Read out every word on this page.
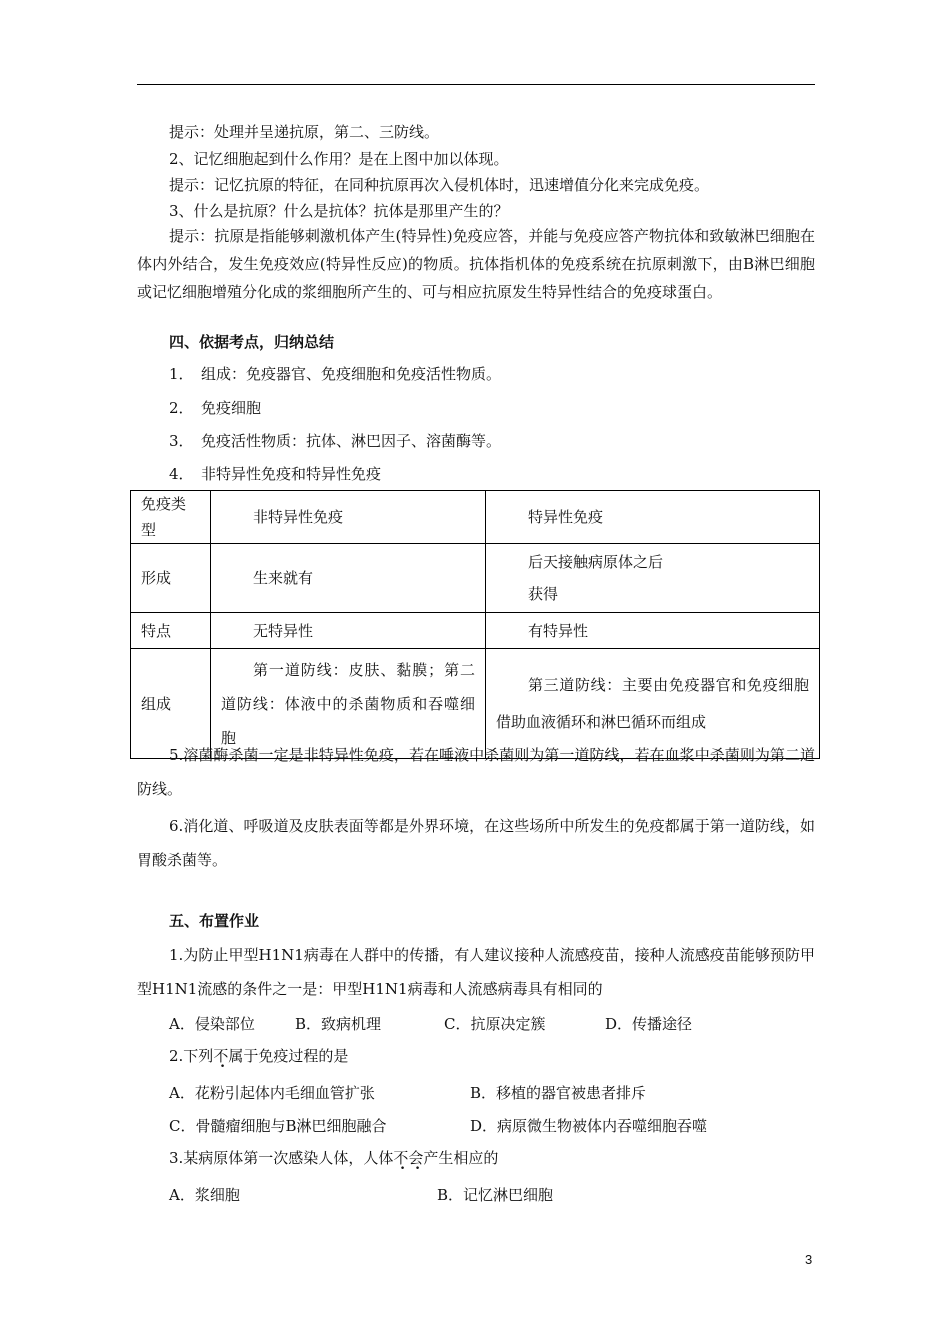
提示：处理并呈递抗原，第二、三防线。
2、记忆细胞起到什么作用？是在上图中加以体现。
提示：记忆抗原的特征，在同种抗原再次入侵机体时，迅速增值分化来完成免疫。
3、什么是抗原？什么是抗体？抗体是那里产生的？
提示：抗原是指能够刺激机体产生(特异性)免疫应答，并能与免疫应答产物抗体和致敏淋巴细胞在体内外结合，发生免疫效应(特异性反应)的物质。抗体指机体的免疫系统在抗原刺激下，由B淋巴细胞或记忆细胞增殖分化成的浆细胞所产生的、可与相应抗原发生特异性结合的免疫球蛋白。
四、依据考点，归纳总结
1．　组成：免疫器官、免疫细胞和免疫活性物质。
2．　免疫细胞
3．　免疫活性物质：抗体、淋巴因子、溶菌酶等。
4．　非特异性免疫和特异性免疫
免疫类型	非特异性免疫	特异性免疫
形成	生来就有	后天接触病原体之后
获得

特点	无特异性	有特异性
组成	第一道防线：皮肤、黏膜；第二道防线：体液中的杀菌物质和吞噬细胞	第三道防线：主要由免疫器官和免疫细胞借助血液循环和淋巴循环而组成
5.溶菌酶杀菌一定是非特异性免疫，若在唾液中杀菌则为第一道防线，若在血浆中杀菌则为第二道防线。
6.消化道、呼吸道及皮肤表面等都是外界环境，在这些场所中所发生的免疫都属于第一道防线，如胃酸杀菌等。
五、布置作业
1.为防止甲型H1N1病毒在人群中的传播，有人建议接种人流感疫苗，接种人流感疫苗能够预防甲型H1N1流感的条件之一是：甲型H1N1病毒和人流感病毒具有相同的
A．侵染部位	B．致病机理	C．抗原决定簇	D．传播途径
2.下列不属于免疫过程的是
A．花粉引起体内毛细血管扩张	B．移植的器官被患者排斥
C．骨髓瘤细胞与B淋巴细胞融合	D．病原微生物被体内吞噬细胞吞噬
3.某病原体第一次感染人体，人体不会产生相应的
A．浆细胞	B．记忆淋巴细胞
3
